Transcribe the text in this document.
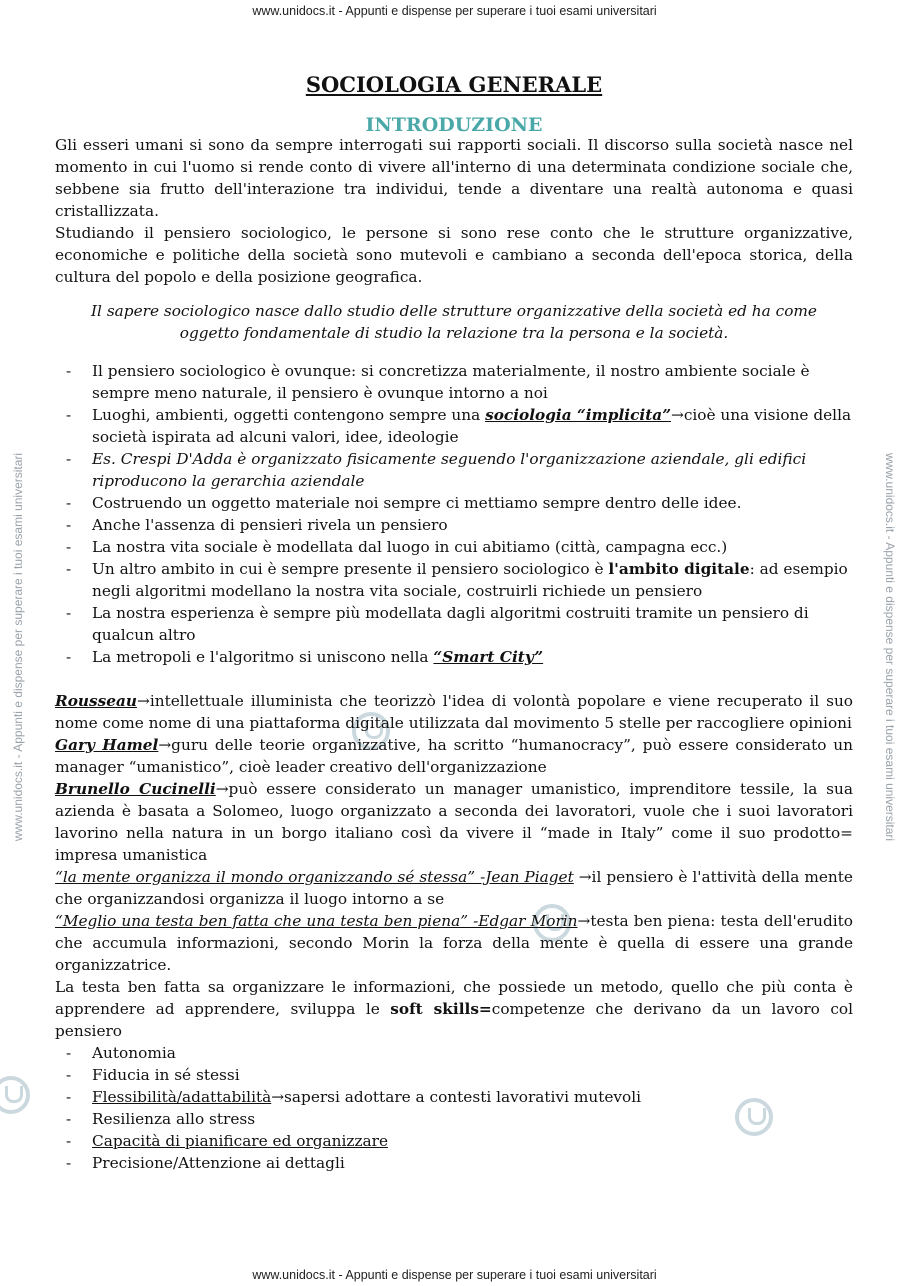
www.unidocs.it - Appunti e dispense per superare i tuoi esami universitari
www.unidocs.it - Appunti e dispense per superare i tuoi esami universitari
www.unidocs.it - Appunti e dispense per superare i tuoi esami universitari	www.unidocs.it - Appunti e dispense per superare i tuoi esami universitari
SOCIOLOGIA GENERALE
INTRODUZIONE

Gli esseri umani si sono da sempre interrogati sui rapporti sociali. Il discorso sulla società nasce nel momento in cui l'uomo si rende conto di vivere all'interno di una determinata condizione sociale che, sebbene sia frutto dell'interazione tra individui, tende a diventare una realtà autonoma e quasi cristallizzata.

Studiando il pensiero sociologico, le persone si sono rese conto che le strutture organizzative, economiche e politiche della società sono mutevoli e cambiano a seconda dell'epoca storica, della cultura del popolo e della posizione geografica.

Il sapere sociologico nasce dallo studio delle strutture organizzative della società ed ha come oggetto fondamentale di studio la relazione tra la persona e la società.

- Il pensiero sociologico è ovunque: si concretizza materialmente, il nostro ambiente sociale è sempre meno naturale, il pensiero è ovunque intorno a noi
- Luoghi, ambienti, oggetti contengono sempre una sociologia “implicita”→cioè una visione della società ispirata ad alcuni valori, idee, ideologie
- Es. Crespi D'Adda è organizzato fisicamente seguendo l'organizzazione aziendale, gli edifici riproducono la gerarchia aziendale
- Costruendo un oggetto materiale noi sempre ci mettiamo sempre dentro delle idee.
- Anche l'assenza di pensieri rivela un pensiero
- La nostra vita sociale è modellata dal luogo in cui abitiamo (città, campagna ecc.)
- Un altro ambito in cui è sempre presente il pensiero sociologico è l'ambito digitale: ad esempio negli algoritmi modellano la nostra vita sociale, costruirli richiede un pensiero
- La nostra esperienza è sempre più modellata dagli algoritmi costruiti tramite un pensiero di qualcun altro
- La metropoli e l'algoritmo si uniscono nella “Smart City”

Rousseau→intellettuale illuminista che teorizzò l'idea di volontà popolare e viene recuperato il suo nome come nome di una piattaforma digitale utilizzata dal movimento 5 stelle per raccogliere opinioni

Gary Hamel→guru delle teorie organizzative, ha scritto “humanocracy”, può essere considerato un manager “umanistico”, cioè leader creativo dell'organizzazione

Brunello Cucinelli→può essere considerato un manager umanistico, imprenditore tessile, la sua azienda è basata a Solomeo, luogo organizzato a seconda dei lavoratori, vuole che i suoi lavoratori lavorino nella natura in un borgo italiano così da vivere il “made in Italy” come il suo prodotto= impresa umanistica

“la mente organizza il mondo organizzando sé stessa” -Jean Piaget →il pensiero è l'attività della mente che organizzandosi organizza il luogo intorno a se

“Meglio una testa ben fatta che una testa ben piena” -Edgar Morin→testa ben piena: testa dell'erudito che accumula informazioni, secondo Morin la forza della mente è quella di essere una grande organizzatrice.

La testa ben fatta sa organizzare le informazioni, che possiede un metodo, quello che più conta è apprendere ad apprendere, sviluppa le soft skills=competenze che derivano da un lavoro col pensiero

- Autonomia
- Fiducia in sé stessi
- Flessibilità/adattabilità→sapersi adottare a contesti lavorativi mutevoli
- Resilienza allo stress
- Capacità di pianificare ed organizzare
- Precisione/Attenzione ai dettagli
